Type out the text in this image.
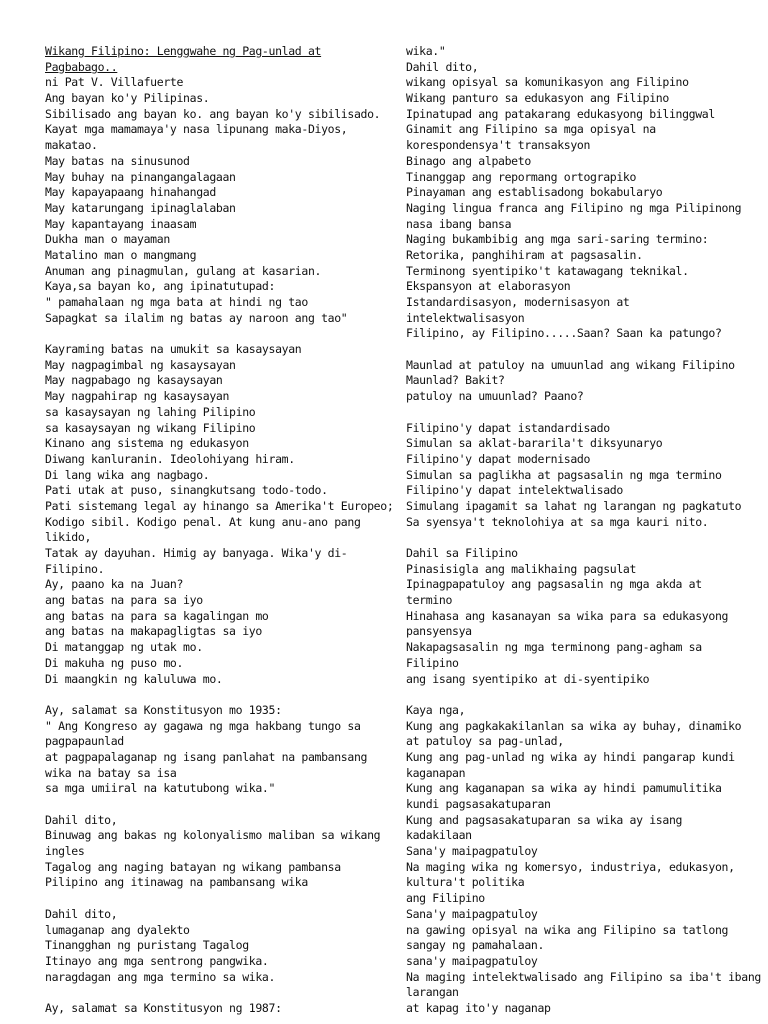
Wikang Filipino: Lenggwahe ng Pag-unlad at
Pagbabago..
ni Pat V. Villafuerte
Ang bayan ko'y Pilipinas.
Sibilisado ang bayan ko. ang bayan ko'y sibilisado.
Kayat mga mamamaya'y nasa lipunang maka-Diyos,
makatao.
May batas na sinusunod
May buhay na pinangangalagaan
May kapayapaang hinahangad
May katarungang ipinaglalaban
May kapantayang inaasam
Dukha man o mayaman
Matalino man o mangmang
Anuman ang pinagmulan, gulang at kasarian.
Kaya,sa bayan ko, ang ipinatutupad:
" pamahalaan ng mga bata at hindi ng tao
Sapagkat sa ilalim ng batas ay naroon ang tao"
Kayraming batas na umukit sa kasaysayan
May nagpagimbal ng kasaysayan
May nagpabago ng kasaysayan
May nagpahirap ng kasaysayan
sa kasaysayan ng lahing Pilipino
sa kasaysayan ng wikang Filipino
Kinano ang sistema ng edukasyon
Diwang kanluranin. Ideolohiyang hiram.
Di lang wika ang nagbago.
Pati utak at puso, sinangkutsang todo-todo.
Pati sistemang legal ay hinango sa Amerika't Europeo;
Kodigo sibil. Kodigo penal. At kung anu-ano pang
likido,
Tatak ay dayuhan. Himig ay banyaga. Wika'y di-
Filipino.
Ay, paano ka na Juan?
ang batas na para sa iyo
ang batas na para sa kagalingan mo
ang batas na makapagligtas sa iyo
Di matanggap ng utak mo.
Di makuha ng puso mo.
Di maangkin ng kaluluwa mo.
Ay, salamat sa Konstitusyon mo 1935:
" Ang Kongreso ay gagawa ng mga hakbang tungo sa
pagpapaunlad
at pagpapalaganap ng isang panlahat na pambansang
wika na batay sa isa
sa mga umiiral na katutubong wika."
Dahil dito,
Binuwag ang bakas ng kolonyalismo maliban sa wikang
ingles
Tagalog ang naging batayan ng wikang pambansa
Pilipino ang itinawag na pambansang wika
Dahil dito,
lumaganap ang dyalekto
Tinangghan ng puristang Tagalog
Itinayo ang mga sentrong pangwika.
naragdagan ang mga termino sa wika.
Ay, salamat sa Konstitusyon ng 1987:
wika."
Dahil dito,
wikang opisyal sa komunikasyon ang Filipino
Wikang panturo sa edukasyon ang Filipino
Ipinatupad ang patakarang edukasyong bilinggwal
Ginamit ang Filipino sa mga opisyal na
korespondensya't transaksyon
Binago ang alpabeto
Tinanggap ang repormang ortograpiko
Pinayaman ang establisadong bokabularyo
Naging lingua franca ang Filipino ng mga Pilipinong
nasa ibang bansa
Naging bukambibig ang mga sari-saring termino:
Retorika, panghihiram at pagsasalin.
Terminong syentipiko't katawagang teknikal.
Ekspansyon at elaborasyon
Istandardisasyon, modernisasyon at
intelektwalisasyon
Filipino, ay Filipino.....Saan? Saan ka patungo?
Maunlad at patuloy na umuunlad ang wikang Filipino
Maunlad? Bakit?
patuloy na umuunlad? Paano?
Filipino'y dapat istandardisado
Simulan sa aklat-bararila't diksyunaryo
Filipino'y dapat modernisado
Simulan sa paglikha at pagsasalin ng mga termino
Filipino'y dapat intelektwalisado
Simulang ipagamit sa lahat ng larangan ng pagkatuto
Sa syensya't teknolohiya at sa mga kauri nito.
Dahil sa Filipino
Pinasisigla ang malikhaing pagsulat
Ipinagpapatuloy ang pagsasalin ng mga akda at
termino
Hinahasa ang kasanayan sa wika para sa edukasyong
pansyensya
Nakapagsasalin ng mga terminong pang-agham sa
Filipino
ang isang syentipiko at di-syentipiko
Kaya nga,
Kung ang pagkakakilanlan sa wika ay buhay, dinamiko
at patuloy sa pag-unlad,
Kung ang pag-unlad ng wika ay hindi pangarap kundi
kaganapan
Kung ang kaganapan sa wika ay hindi pamumulitika
kundi pagsasakatuparan
Kung and pagsasakatuparan sa wika ay isang
kadakilaan
Sana'y maipagpatuloy
Na maging wika ng komersyo, industriya, edukasyon,
kultura't politika
ang Filipino
Sana'y maipagpatuloy
na gawing opisyal na wika ang Filipino sa tatlong
sangay ng pamahalaan.
sana'y maipagpatuloy
Na maging intelektwalisado ang Filipino sa iba't ibang
larangan
at kapag ito'y naganap
